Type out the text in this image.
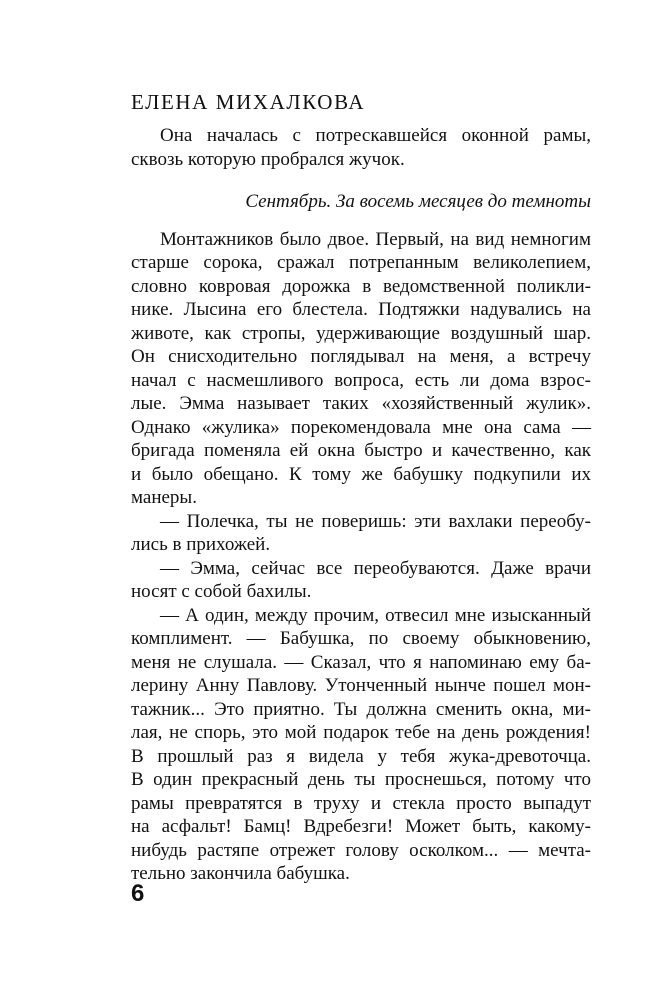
ЕЛЕНА МИХАЛКОВА
Она началась с потрескавшейся оконной рамы,
сквозь которую пробрался жучок.
Сентябрь. За восемь месяцев до темноты
Монтажников было двое. Первый, на вид немногим
старше сорока, сражал потрепанным великолепием,
словно ковровая дорожка в ведомственной поликли-
нике. Лысина его блестела. Подтяжки надувались на
животе, как стропы, удерживающие воздушный шар.
Он снисходительно поглядывал на меня, а встречу
начал с насмешливого вопроса, есть ли дома взрос-
лые. Эмма называет таких «хозяйственный жулик».
Однако «жулика» порекомендовала мне она сама —
бригада поменяла ей окна быстро и качественно, как
и было обещано. К тому же бабушку подкупили их
манеры.
— Полечка, ты не поверишь: эти вахлаки переобу-
лись в прихожей.
— Эмма, сейчас все переобуваются. Даже врачи
носят с собой бахилы.
— А один, между прочим, отвесил мне изысканный
комплимент. — Бабушка, по своему обыкновению,
меня не слушала. — Сказал, что я напоминаю ему ба-
лерину Анну Павлову. Утонченный нынче пошел мон-
тажник... Это приятно. Ты должна сменить окна, ми-
лая, не спорь, это мой подарок тебе на день рождения!
В прошлый раз я видела у тебя жука-древоточца.
В один прекрасный день ты проснешься, потому что
рамы превратятся в труху и стекла просто выпадут
на асфальт! Бамц! Вдребезги! Может быть, какому-
нибудь растяпе отрежет голову осколком... — мечта-
тельно закончила бабушка.
6
